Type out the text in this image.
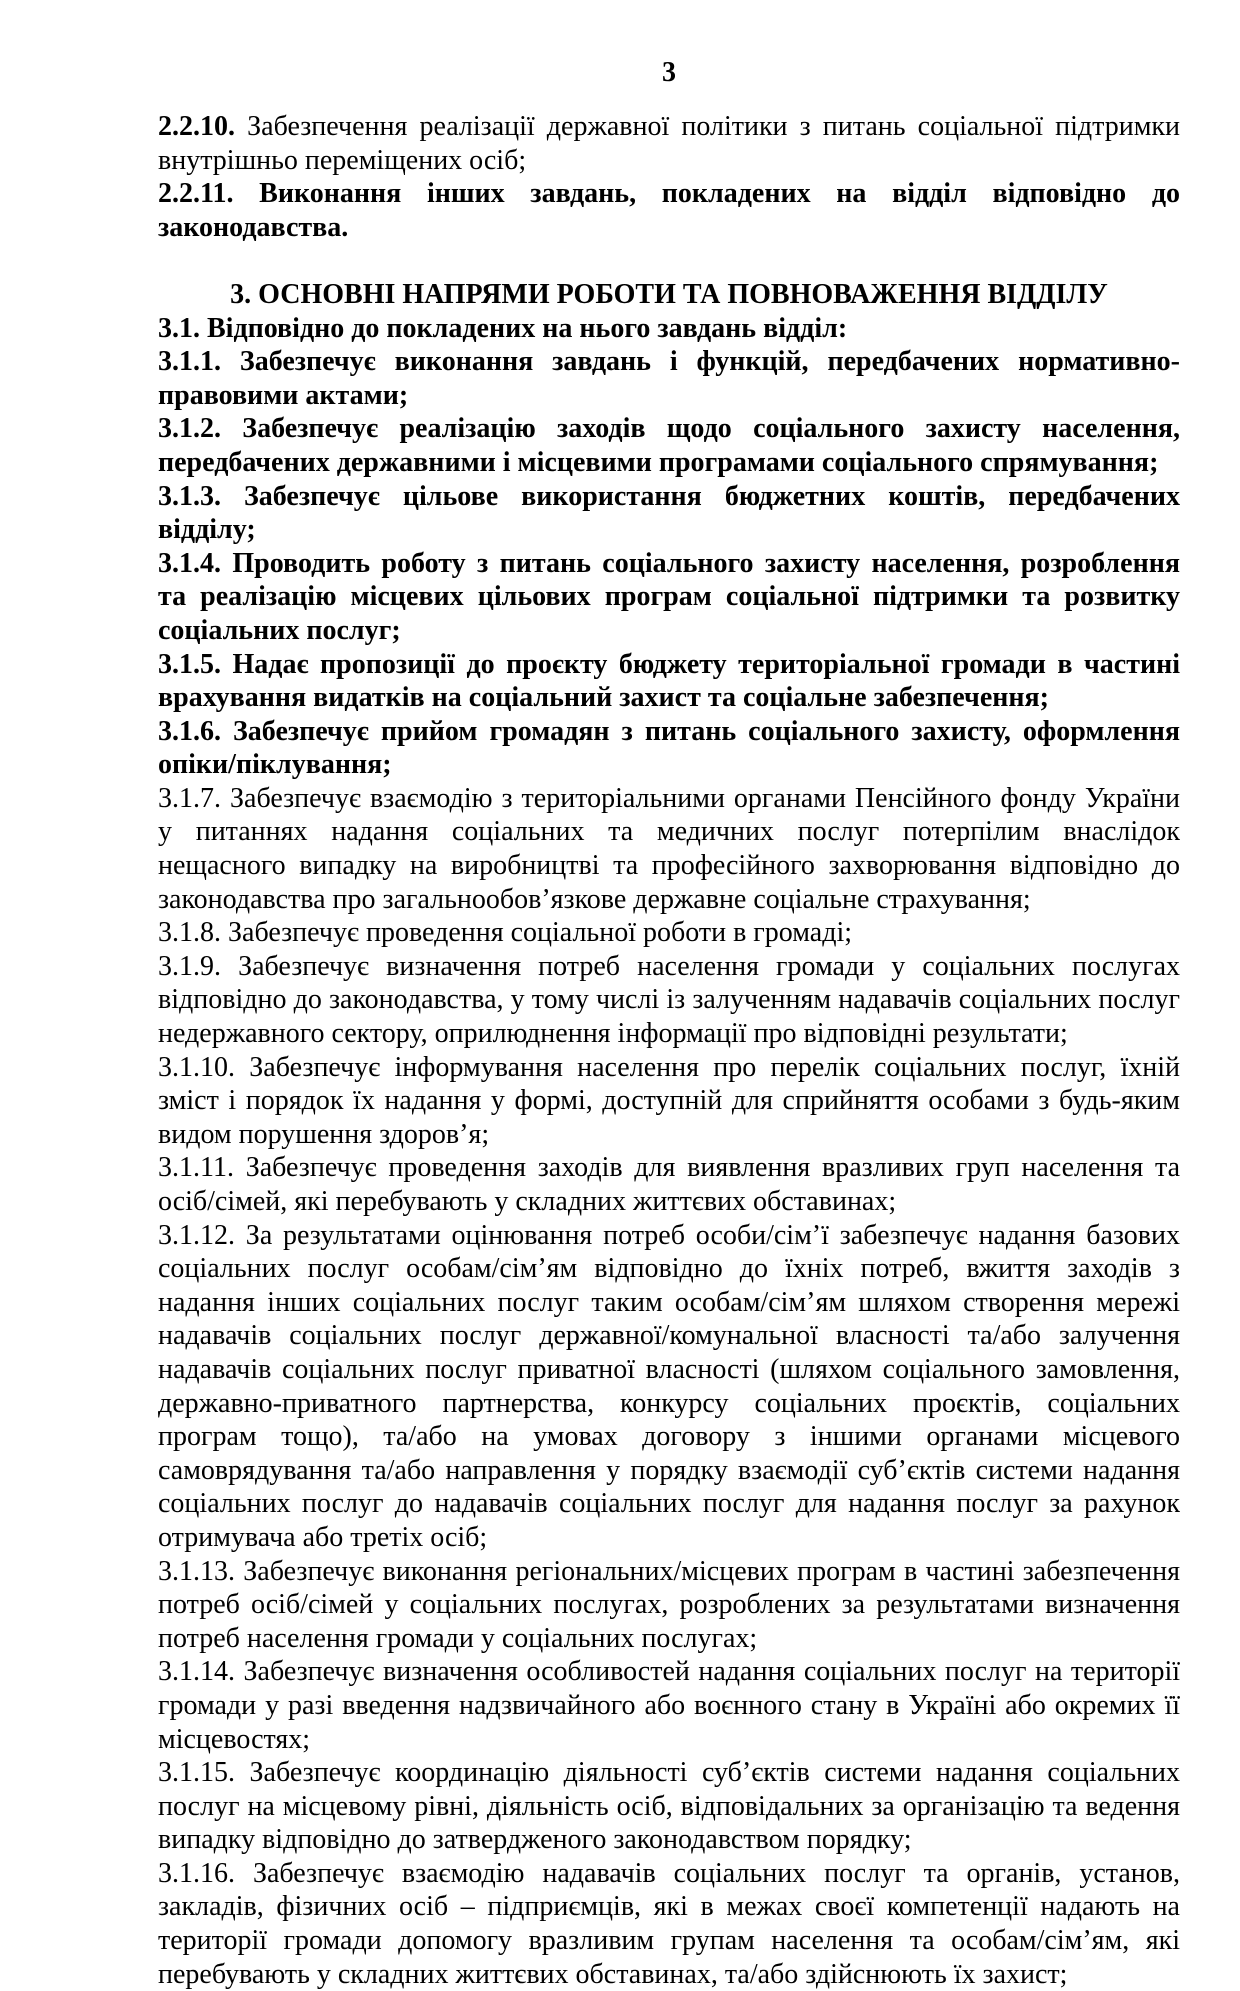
3

2.2.10. Забезпечення реалізації державної політики з питань соціальної підтримки внутрішньо переміщених осіб;

2.2.11. Виконання інших завдань, покладених на відділ відповідно до законодавства.

3. ОСНОВНІ НАПРЯМИ РОБОТИ ТА ПОВНОВАЖЕННЯ ВІДДІЛУ

3.1. Відповідно до покладених на нього завдань відділ:

3.1.1. Забезпечує виконання завдань і функцій, передбачених нормативно-правовими актами;

3.1.2. Забезпечує реалізацію заходів щодо соціального захисту населення, передбачених державними і місцевими програмами соціального спрямування;

3.1.3. Забезпечує цільове використання бюджетних коштів, передбачених відділу;

3.1.4. Проводить роботу з питань соціального захисту населення, розроблення та реалізацію місцевих цільових програм соціальної підтримки та розвитку соціальних послуг;

3.1.5. Надає пропозиції до проєкту бюджету територіальної громади в частині врахування видатків на соціальний захист та соціальне забезпечення;

3.1.6. Забезпечує прийом громадян з питань соціального захисту, оформлення опіки/піклування;

3.1.7. Забезпечує взаємодію з територіальними органами Пенсійного фонду України у питаннях надання соціальних та медичних послуг потерпілим внаслідок нещасного випадку на виробництві та професійного захворювання відповідно до законодавства про загальнообов’язкове державне соціальне страхування;

3.1.8. Забезпечує проведення соціальної роботи в громаді;

3.1.9. Забезпечує визначення потреб населення громади у соціальних послугах відповідно до законодавства, у тому числі із залученням надавачів соціальних послуг недержавного сектору, оприлюднення інформації про відповідні результати;

3.1.10. Забезпечує інформування населення про перелік соціальних послуг, їхній зміст і порядок їх надання у формі, доступній для сприйняття особами з будь-яким видом порушення здоров’я;

3.1.11. Забезпечує проведення заходів для виявлення вразливих груп населення та осіб/сімей, які перебувають у складних життєвих обставинах;

3.1.12. За результатами оцінювання потреб особи/сім’ї забезпечує надання базових соціальних послуг особам/сім’ям відповідно до їхніх потреб, вжиття заходів з надання інших соціальних послуг таким особам/сім’ям шляхом створення мережі надавачів соціальних послуг державної/комунальної власності та/або залучення надавачів соціальних послуг приватної власності (шляхом соціального замовлення, державно-приватного партнерства, конкурсу соціальних проєктів, соціальних програм тощо), та/або на умовах договору з іншими органами місцевого самоврядування та/або направлення у порядку взаємодії суб’єктів системи надання соціальних послуг до надавачів соціальних послуг для надання послуг за рахунок отримувача або третіх осіб;

3.1.13. Забезпечує виконання регіональних/місцевих програм в частині забезпечення потреб осіб/сімей у соціальних послугах, розроблених за результатами визначення потреб населення громади у соціальних послугах;

3.1.14. Забезпечує визначення особливостей надання соціальних послуг на території громади у разі введення надзвичайного або воєнного стану в Україні або окремих її місцевостях;

3.1.15. Забезпечує координацію діяльності суб’єктів системи надання соціальних послуг на місцевому рівні, діяльність осіб, відповідальних за організацію та ведення випадку відповідно до затвердженого законодавством порядку;

3.1.16. Забезпечує взаємодію надавачів соціальних послуг та органів, установ, закладів, фізичних осіб – підприємців, які в межах своєї компетенції надають на території громади допомогу вразливим групам населення та особам/сім’ям, які перебувають у складних життєвих обставинах, та/або здійснюють їх захист;
